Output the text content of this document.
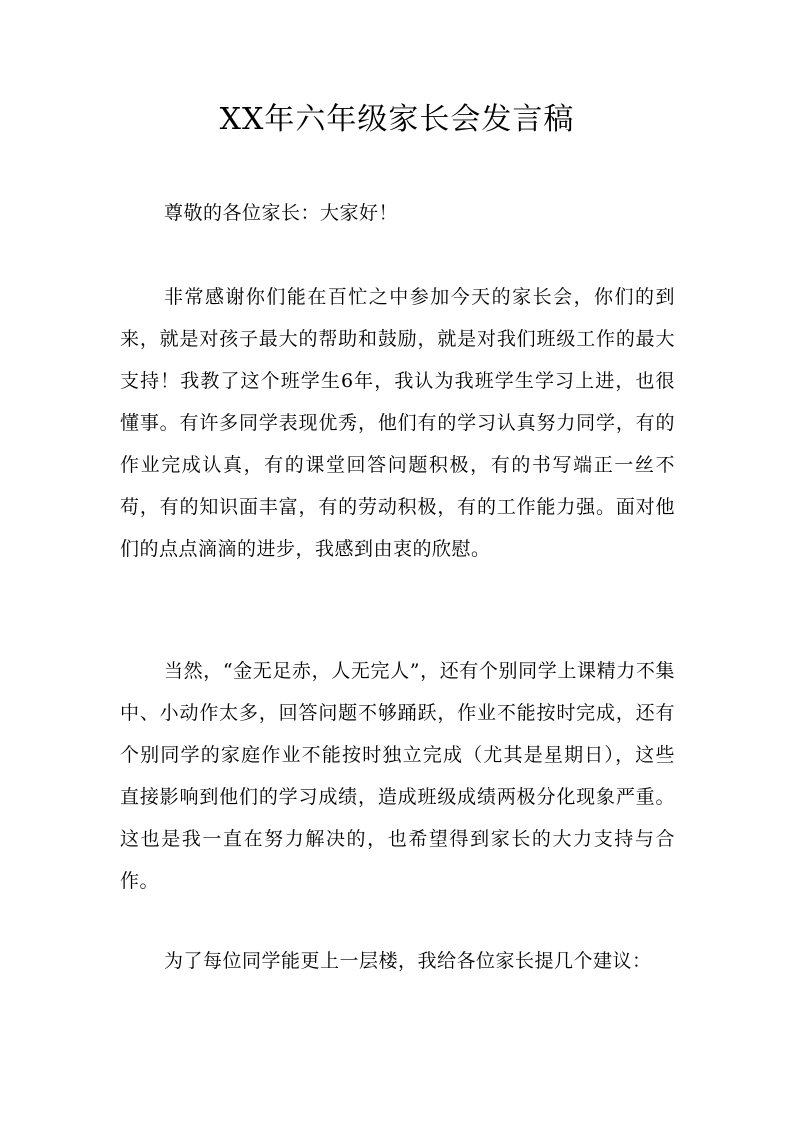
XX年六年级家长会发言稿

尊敬的各位家长：大家好！

非常感谢你们能在百忙之中参加今天的家长会，你们的到来，就是对孩子最大的帮助和鼓励，就是对我们班级工作的最大支持！我教了这个班学生6年，我认为我班学生学习上进，也很懂事。有许多同学表现优秀，他们有的学习认真努力同学，有的作业完成认真，有的课堂回答问题积极，有的书写端正一丝不苟，有的知识面丰富，有的劳动积极，有的工作能力强。面对他们的点点滴滴的进步，我感到由衷的欣慰。

当然，“金无足赤，人无完人”，还有个别同学上课精力不集中、小动作太多，回答问题不够踊跃，作业不能按时完成，还有个别同学的家庭作业不能按时独立完成（尤其是星期日），这些直接影响到他们的学习成绩，造成班级成绩两极分化现象严重。这也是我一直在努力解决的，也希望得到家长的大力支持与合作。

为了每位同学能更上一层楼，我给各位家长提几个建议：
